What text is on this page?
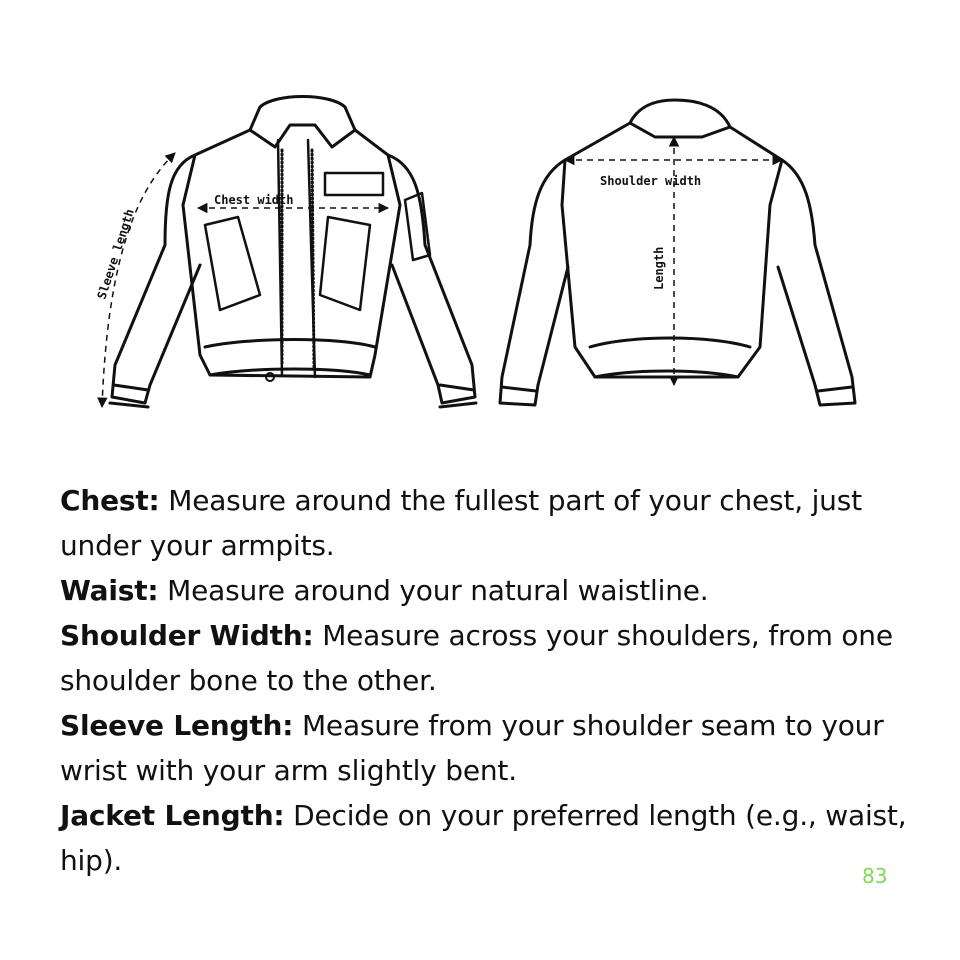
Chest width
Sleeve length
Shoulder width
Length

Chest: Measure around the fullest part of your chest, just under your armpits.

Waist: Measure around your natural waistline.

Shoulder Width: Measure across your shoulders, from one shoulder bone to the other.

Sleeve Length: Measure from your shoulder seam to your wrist with your arm slightly bent.

Jacket Length: Decide on your preferred length (e.g., waist, hip).	83
